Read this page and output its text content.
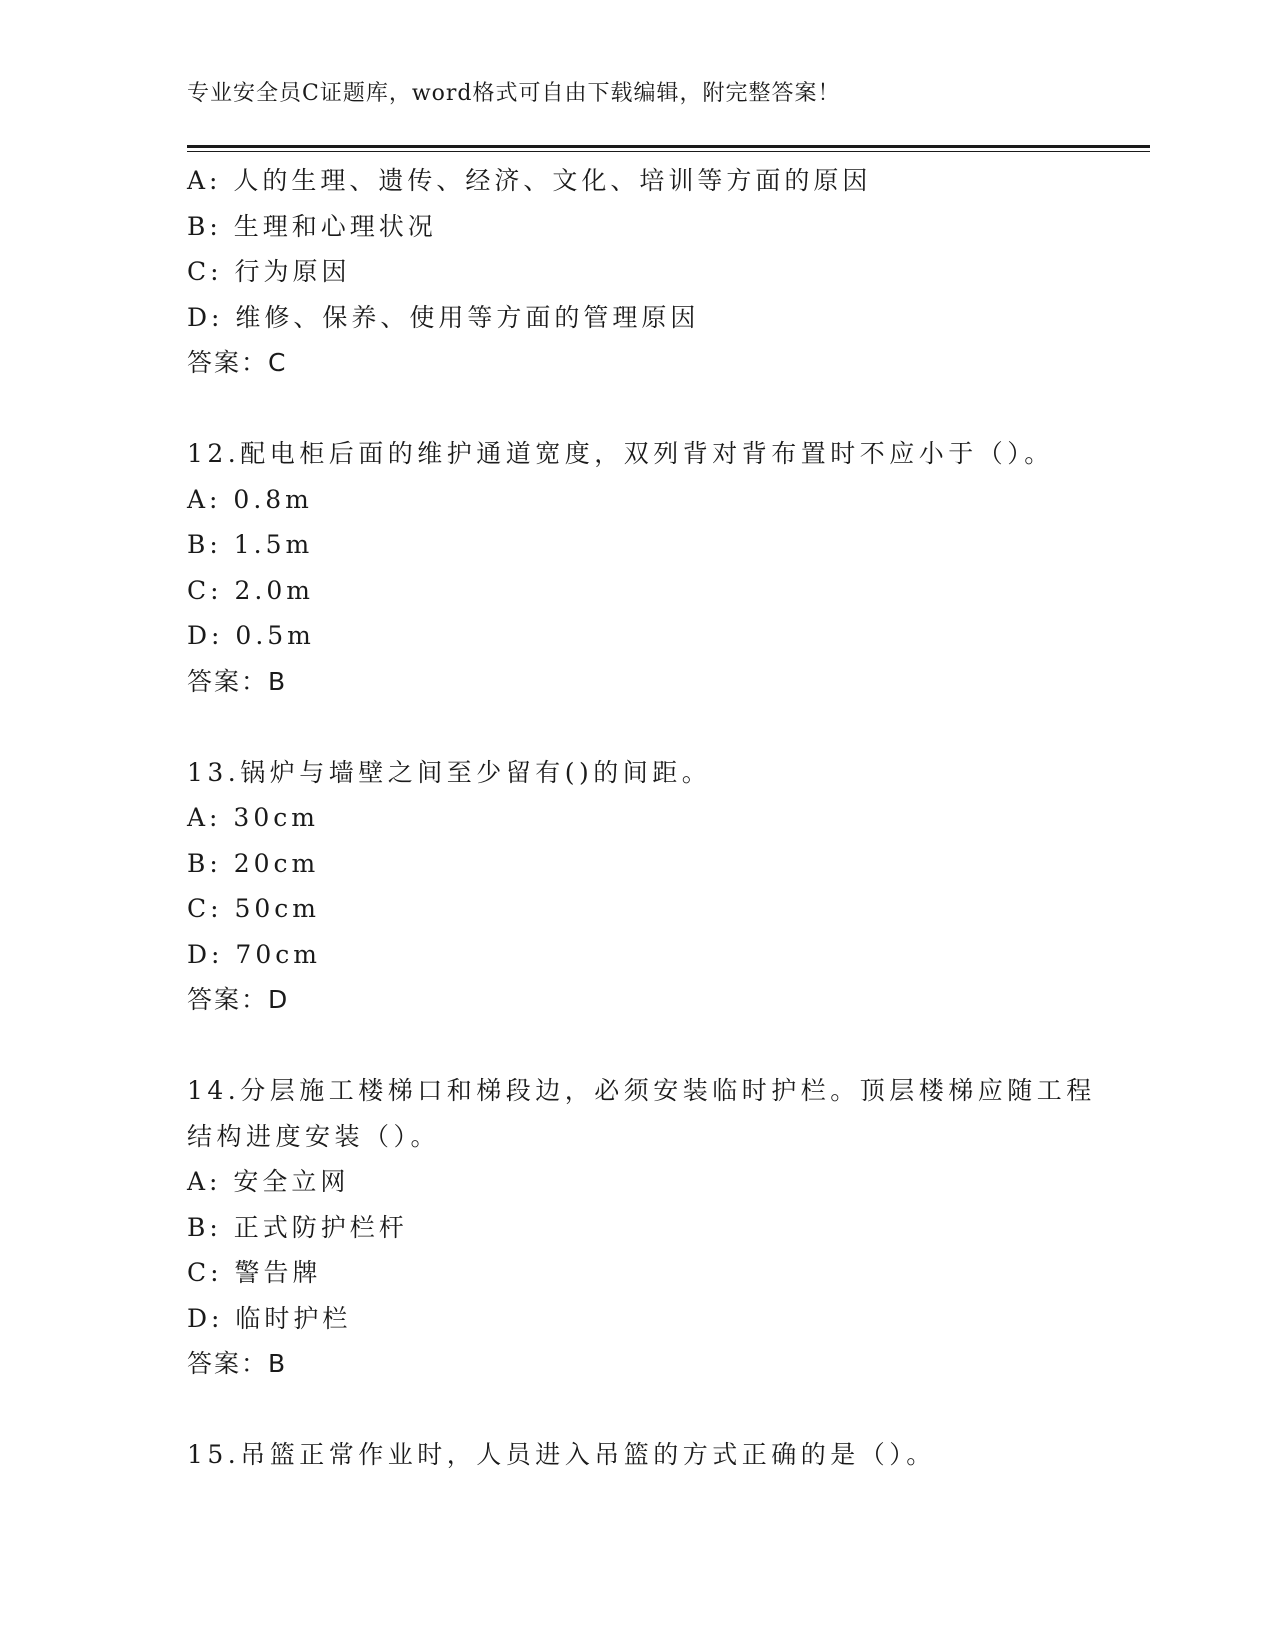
专业安全员C证题库，word格式可自由下载编辑，附完整答案！
A: 人的生理、遗传、经济、文化、培训等方面的原因
B: 生理和心理状况
C: 行为原因
D: 维修、保养、使用等方面的管理原因
答案：C
12.配电柜后面的维护通道宽度，双列背对背布置时不应小于（）。
A: 0.8m
B: 1.5m
C: 2.0m
D: 0.5m
答案：B
13.锅炉与墙壁之间至少留有()的间距。
A: 30cm
B: 20cm
C: 50cm
D: 70cm
答案：D
14.分层施工楼梯口和梯段边，必须安装临时护栏。顶层楼梯应随工程
结构进度安装（）。
A: 安全立网
B: 正式防护栏杆
C: 警告牌
D: 临时护栏
答案：B
15.吊篮正常作业时，人员进入吊篮的方式正确的是（）。
